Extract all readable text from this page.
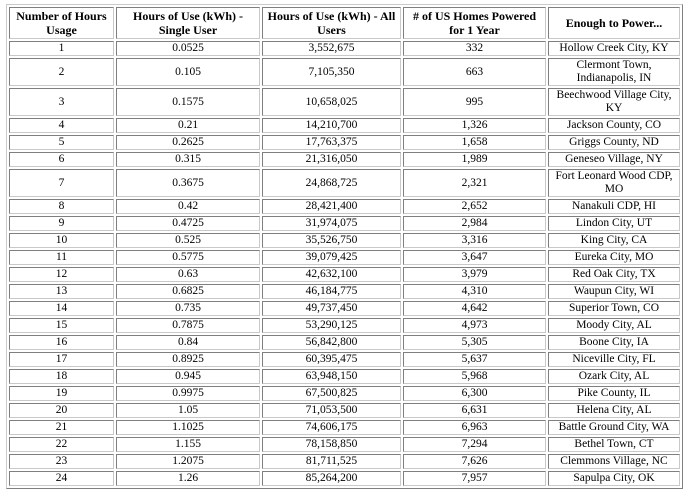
Number of Hours Usage	Hours of Use (kWh) - Single User	Hours of Use (kWh) - All Users	# of US Homes Powered for 1 Year	Enough to Power...
1	0.0525	3,552,675	332	Hollow Creek City, KY
2	0.105	7,105,350	663	Clermont Town, Indianapolis, IN
3	0.1575	10,658,025	995	Beechwood Village City, KY
4	0.21	14,210,700	1,326	Jackson County, CO
5	0.2625	17,763,375	1,658	Griggs County, ND
6	0.315	21,316,050	1,989	Geneseo Village, NY
7	0.3675	24,868,725	2,321	Fort Leonard Wood CDP, MO
8	0.42	28,421,400	2,652	Nanakuli CDP, HI
9	0.4725	31,974,075	2,984	Lindon City, UT
10	0.525	35,526,750	3,316	King City, CA
11	0.5775	39,079,425	3,647	Eureka City, MO
12	0.63	42,632,100	3,979	Red Oak City, TX
13	0.6825	46,184,775	4,310	Waupun City, WI
14	0.735	49,737,450	4,642	Superior Town, CO
15	0.7875	53,290,125	4,973	Moody City, AL
16	0.84	56,842,800	5,305	Boone City, IA
17	0.8925	60,395,475	5,637	Niceville City, FL
18	0.945	63,948,150	5,968	Ozark City, AL
19	0.9975	67,500,825	6,300	Pike County, IL
20	1.05	71,053,500	6,631	Helena City, AL
21	1.1025	74,606,175	6,963	Battle Ground City, WA
22	1.155	78,158,850	7,294	Bethel Town, CT
23	1.2075	81,711,525	7,626	Clemmons Village, NC
24	1.26	85,264,200	7,957	Sapulpa City, OK
